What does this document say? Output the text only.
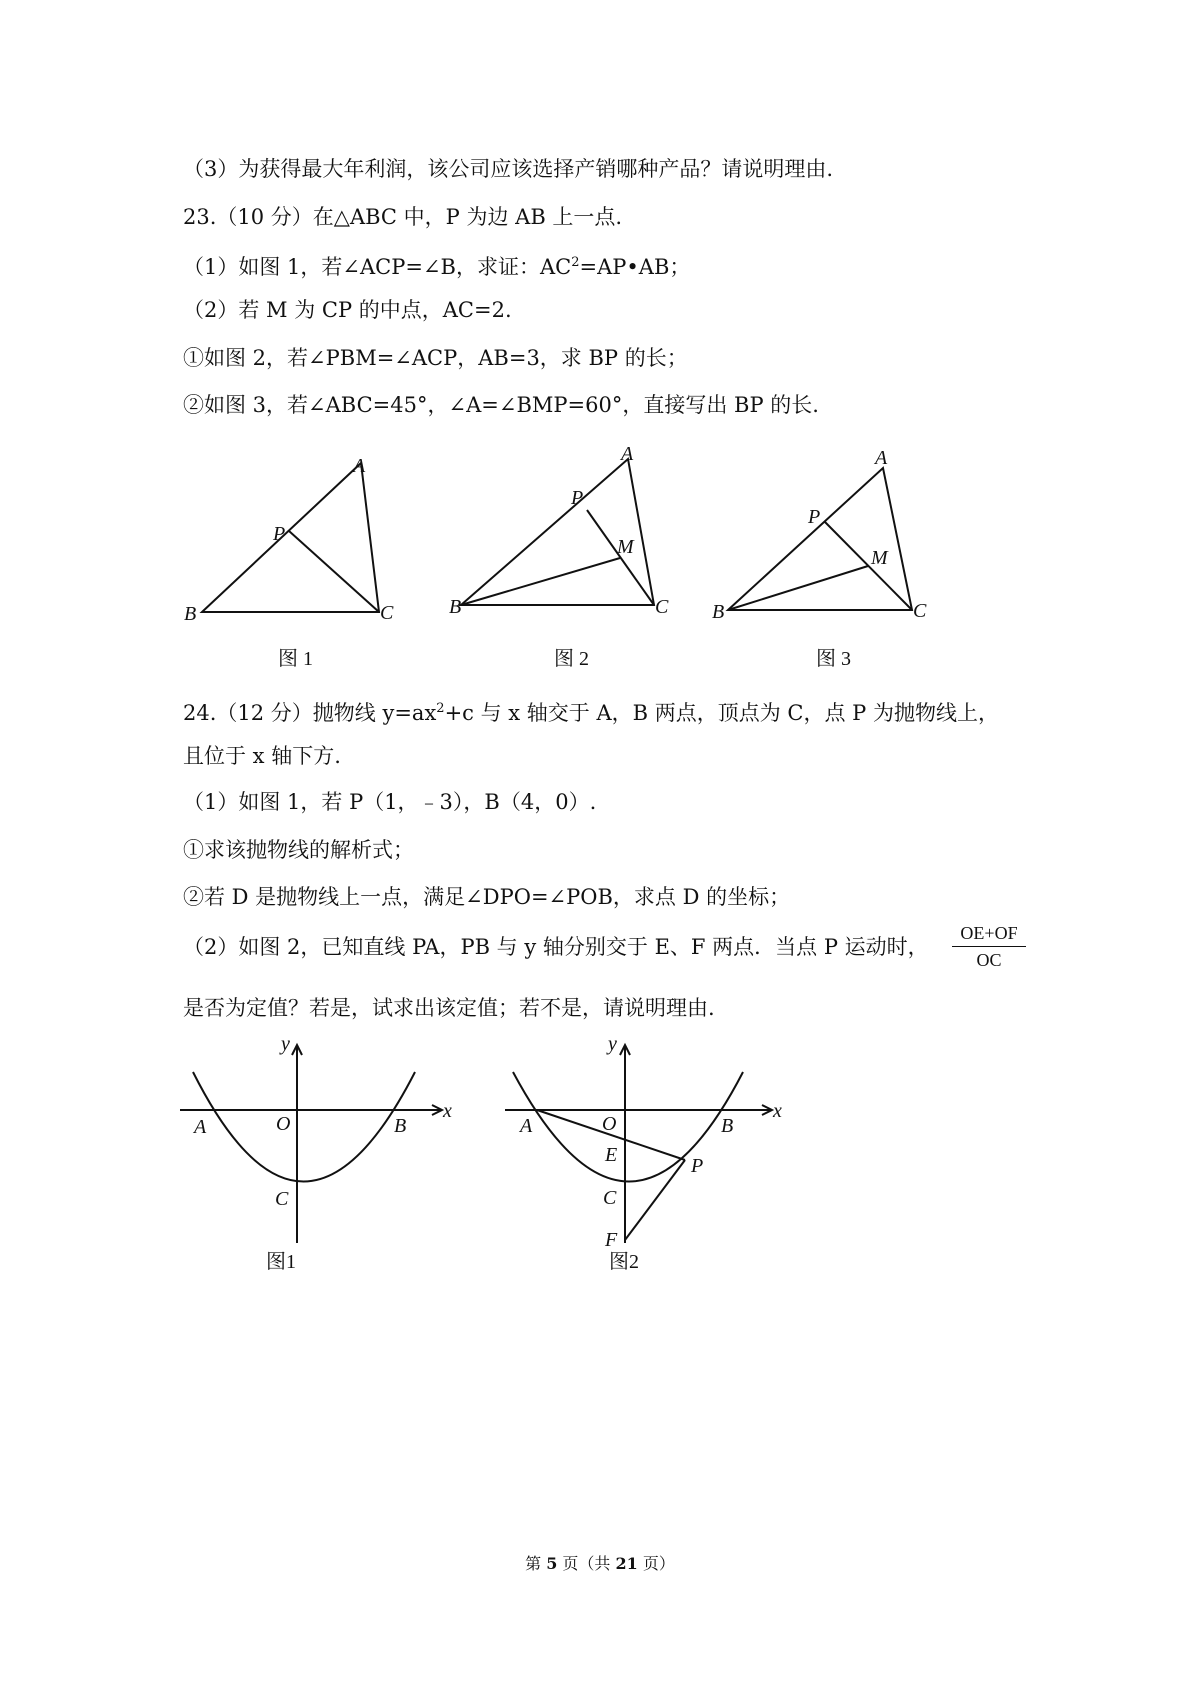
（3）为获得最大年利润，该公司应该选择产销哪种产品？请说明理由.
23.（10 分）在△ABC 中，P 为边 AB 上一点.
（1）如图 1，若∠ACP=∠B，求证：$AC^2=AP•AB$；
（2）若 M 为 CP 的中点，AC=2.
①如图 2，若∠PBM=∠ACP，AB=3，求 BP 的长；
②如图 3，若∠ABC=45°，∠A=∠BMP=60°，直接写出 BP 的长.
24.（12 分）抛物线 $y=ax^2+c$ 与 x 轴交于 A，B 两点，顶点为 C，点 P 为抛物线上，
且位于 x 轴下方.
（1）如图 1，若 P（1，﹣3），B（4，0）.
①求该抛物线的解析式；
②若 D 是抛物线上一点，满足∠DPO=∠POB，求点 D 的坐标；
（2）如图 2，已知直线 PA，PB 与 y 轴分别交于 E、F 两点．当点 P 运动时， $\frac{OE+OF}{OC}$
是否为定值？若是，试求出该定值；若不是，请说明理由.
A
P
B	C
图 1
A
P
M
B	C
图 2
A
P
M
B	C
图 3
y
x
A	O	B
C
图1
y
x
A	O	B
E	P
C
F
图2
第 5 页（共 21 页）
